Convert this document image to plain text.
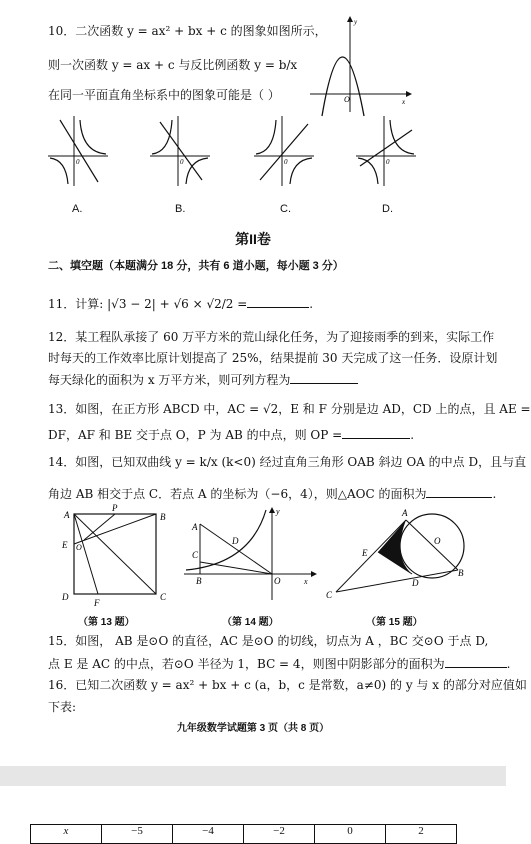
10．二次函数 y = ax² + bx + c 的图象如图所示，
则一次函数 y = ax + c 与反比例函数 y = b/x
在同一平面直角坐标系中的图象可能是（ ）
y
x
O
0	0	0	0
A.	B.	C.	D.
第II卷
二、填空题（本题满分 18 分，共有 6 道小题，每小题 3 分）
11．计算: |√3 − 2| + √6 × √2/2 =	.
12．某工程队承接了 60 万平方米的荒山绿化任务，为了迎接雨季的到来，实际工作
时每天的工作效率比原计划提高了 25%，结果提前 30 天完成了这一任务．设原计划
每天绿化的面积为 x 万平方米，则可列方程为
13．如图，在正方形 ABCD 中，AC = √2，E 和 F 分别是边 AD，CD 上的点，且 AE =
DF，AF 和 BE 交于点 O，P 为 AB 的中点，则 OP =	.
14．如图，已知双曲线 y = k/x (k<0) 经过直角三角形 OAB 斜边 OA 的中点 D，且与直
角边 AB 相交于点 C．若点 A 的坐标为（−6，4），则△AOC 的面积为	.
A
P
B
E O
D
F
C
（第 13 题）
y
A
D
C
B	O	x
（第 14 题）
A
O
E
D
B
C
（第 15 题）
15．如图， AB 是⊙O 的直径，AC 是⊙O 的切线，切点为 A ，BC 交⊙O 于点 D,
点 E 是 AC 的中点，若⊙O 半径为 1，BC = 4，则图中阴影部分的面积为	.
16．已知二次函数 y = ax² + bx + c (a，b，c 是常数，a≠0) 的 y 与 x 的部分对应值如
下表:
九年级数学试题第 3 页（共 8 页）
x	−5	−4	−2	0	2
